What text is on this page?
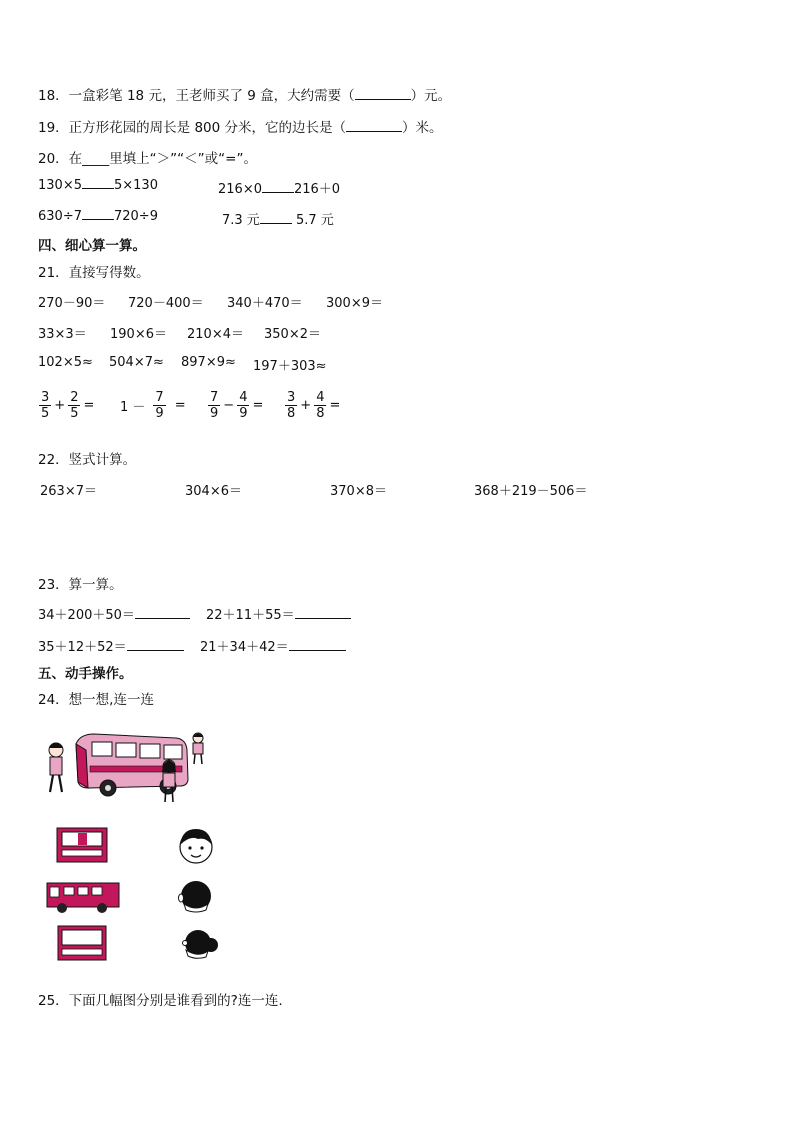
18．一盒彩笔 18 元，王老师买了 9 盒，大约需要（	）元。
19．正方形花园的周长是 800 分米，它的边长是（	）米。
20．在____里填上“＞”“＜”或“=”。
130×5 5×130	216×0 216＋0
630÷7 720÷9	7.3 元 5.7 元
四、细心算一算。
21．直接写得数。
270－90＝ 720－400＝ 340＋470＝ 300×9＝
33×3＝ 190×6＝ 210×4＝ 350×2＝
102×5≈ 504×7≈ 897×9≈ 197＋303≈
$\frac{3}{5} + \frac{2}{5} = 1 - \frac{7}{9} = \frac{7}{9} - \frac{4}{9} = \frac{3}{8} + \frac{4}{8}$ =
22．竖式计算。
263×7＝	304×6＝	370×8＝	368＋219－506＝
23．算一算。
34＋200＋50＝	22＋11＋55＝
35＋12＋52＝	21＋34＋42＝
五、动手操作。
24．想一想,连一连
25．下面几幅图分别是谁看到的?连一连.
